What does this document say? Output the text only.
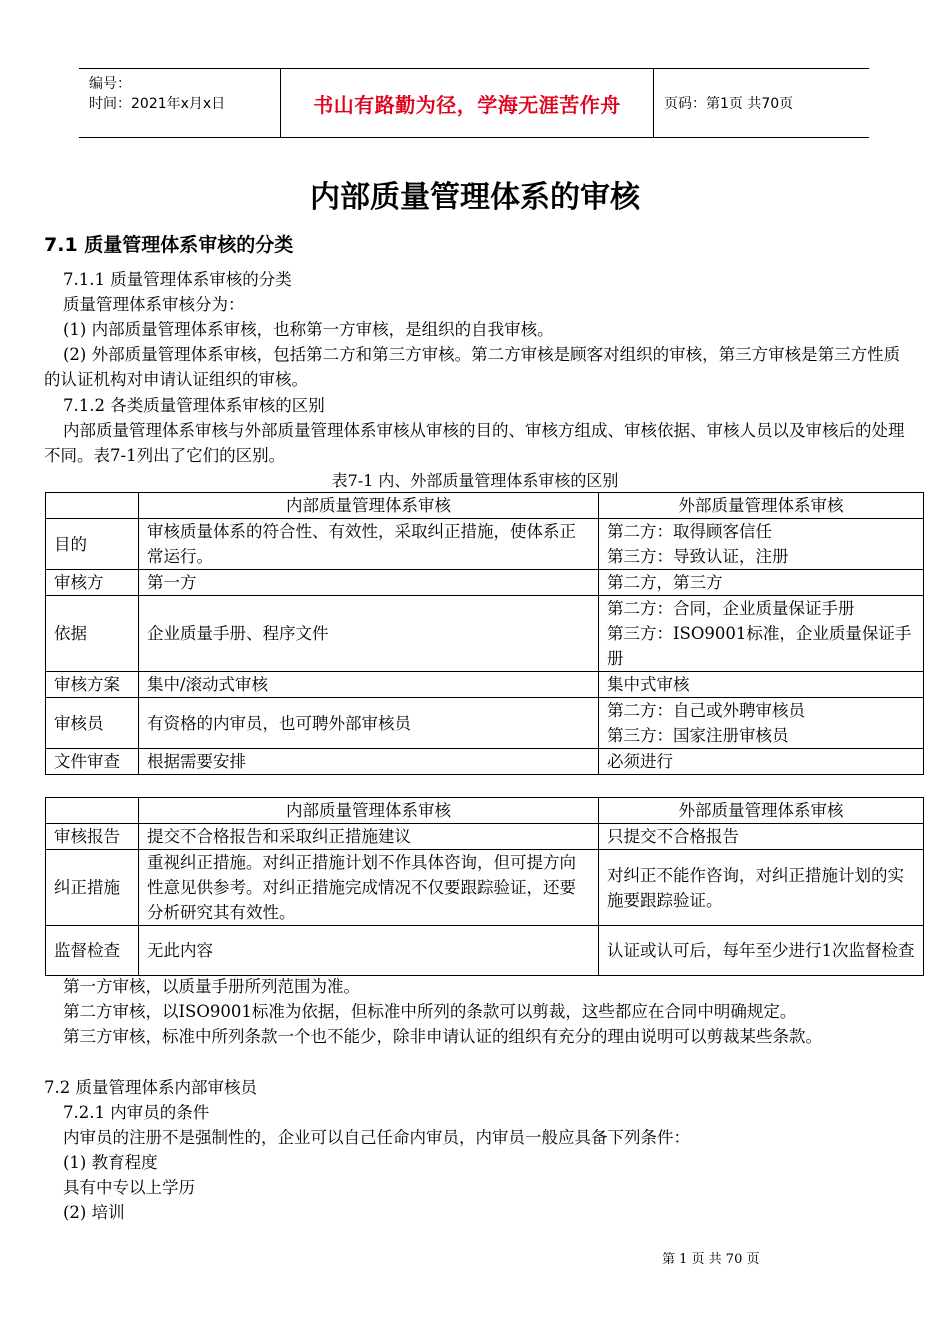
编号：
时间：2021年x月x日	书山有路勤为径，学海无涯苦作舟	页码：第1页 共70页
内部质量管理体系的审核
7.1 质量管理体系审核的分类
7.1.1 质量管理体系审核的分类
质量管理体系审核分为：
(1) 内部质量管理体系审核，也称第一方审核，是组织的自我审核。
(2) 外部质量管理体系审核，包括第二方和第三方审核。第二方审核是顾客对组织的审核，第三方审核是第三方性质的认证机构对申请认证组织的审核。
7.1.2 各类质量管理体系审核的区别
内部质量管理体系审核与外部质量管理体系审核从审核的目的、审核方组成、审核依据、审核人员以及审核后的处理不同。表7-1列出了它们的区别。
表7-1 内、外部质量管理体系审核的区别
	内部质量管理体系审核	外部质量管理体系审核
目的	审核质量体系的符合性、有效性，采取纠正措施，使体系正常运行。	第二方：取得顾客信任
第三方：导致认证，注册
审核方	第一方	第二方，第三方
依据	企业质量手册、程序文件	第二方：合同，企业质量保证手册
第三方：ISO9001标准，企业质量保证手册
审核方案	集中/滚动式审核	集中式审核
审核员	有资格的内审员，也可聘外部审核员	第二方：自己或外聘审核员
第三方：国家注册审核员
文件审查	根据需要安排	必须进行
	内部质量管理体系审核	外部质量管理体系审核
审核报告	提交不合格报告和采取纠正措施建议	只提交不合格报告
纠正措施	重视纠正措施。对纠正措施计划不作具体咨询，但可提方向性意见供参考。对纠正措施完成情况不仅要跟踪验证，还要分析研究其有效性。	对纠正不能作咨询，对纠正措施计划的实施要跟踪验证。
监督检查	无此内容	认证或认可后，每年至少进行1次监督检查
第一方审核，以质量手册所列范围为准。
第二方审核，以ISO9001标准为依据，但标准中所列的条款可以剪裁，这些都应在合同中明确规定。
第三方审核，标准中所列条款一个也不能少，除非申请认证的组织有充分的理由说明可以剪裁某些条款。
7.2 质量管理体系内部审核员
7.2.1 内审员的条件
内审员的注册不是强制性的，企业可以自己任命内审员，内审员一般应具备下列条件：
(1) 教育程度
具有中专以上学历
(2) 培训
第 1 页 共 70 页
